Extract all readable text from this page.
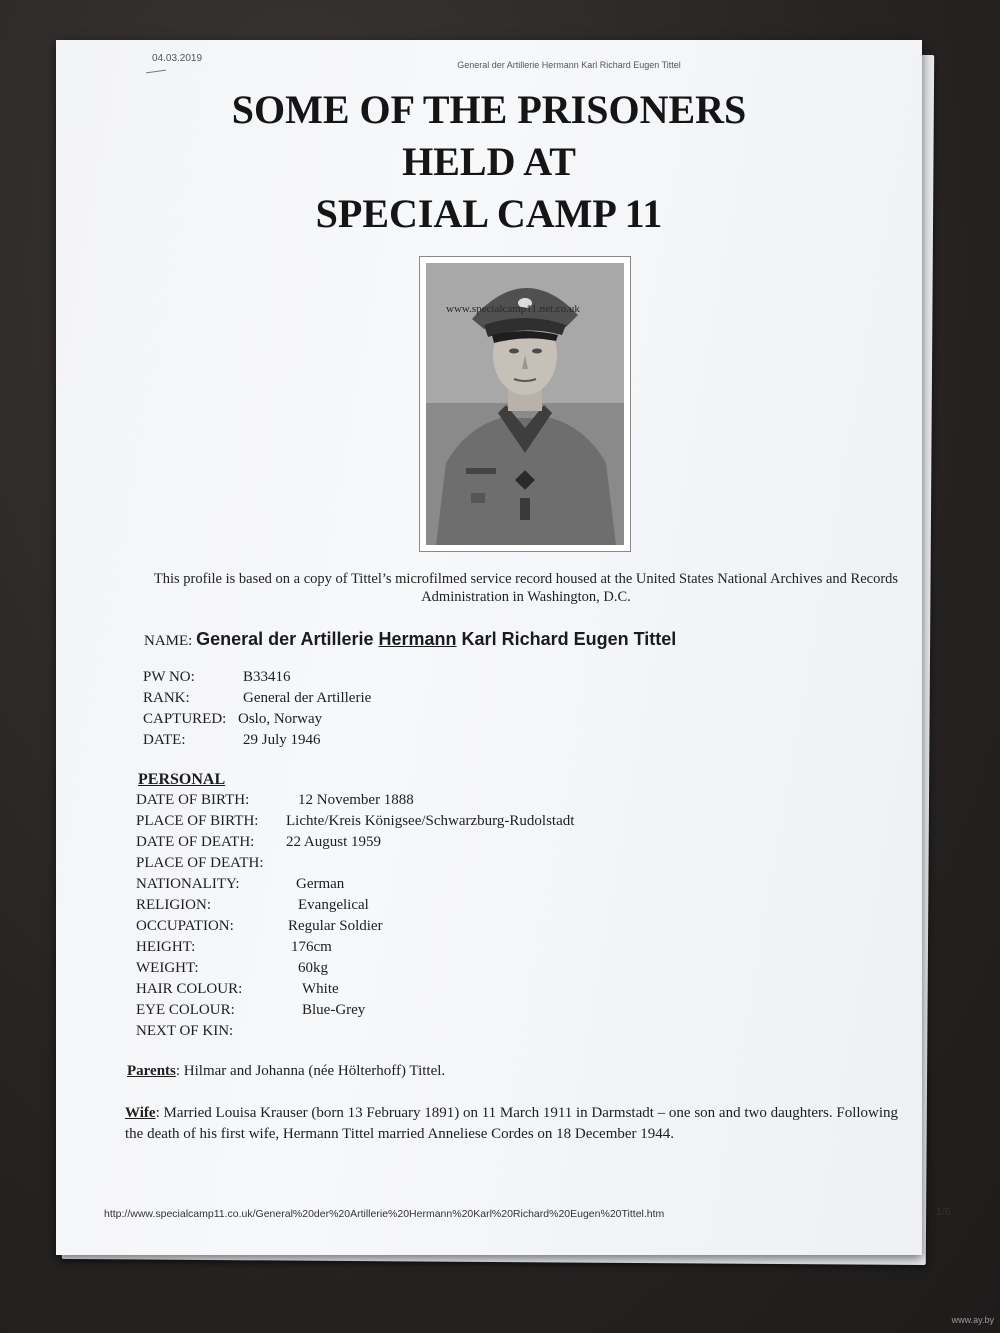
04.03.2019
General der Artillerie Hermann Karl Richard Eugen Tittel
SOME OF THE PRISONERS
HELD AT
SPECIAL CAMP 11
www.specialcamp11.net.co.uk
This profile is based on a copy of Tittel’s microfilmed service record housed at the United States National Archives and Records Administration in Washington, D.C.
NAME: General der Artillerie Hermann Karl Richard Eugen Tittel
PW NO:	B33416
RANK:	General der Artillerie
CAPTURED: Oslo, Norway
DATE:	29 July 1946
PERSONAL
DATE OF BIRTH:	12 November 1888
PLACE OF BIRTH:	Lichte/Kreis Königsee/Schwarzburg-Rudolstadt
DATE OF DEATH:	22 August 1959
PLACE OF DEATH:
NATIONALITY:	German
RELIGION:	Evangelical
OCCUPATION:	Regular Soldier
HEIGHT:	176cm
WEIGHT:	60kg
HAIR COLOUR:	White
EYE COLOUR:	Blue-Grey
NEXT OF KIN:
Parents: Hilmar and Johanna (née Hölterhoff) Tittel.
Wife: Married Louisa Krauser (born 13 February 1891) on 11 March 1911 in Darmstadt – one son and two daughters. Following the death of his first wife, Hermann Tittel married Anneliese Cordes on 18 December 1944.
http://www.specialcamp11.co.uk/General%20der%20Artillerie%20Hermann%20Karl%20Richard%20Eugen%20Tittel.htm	1/6
www.ay.by
